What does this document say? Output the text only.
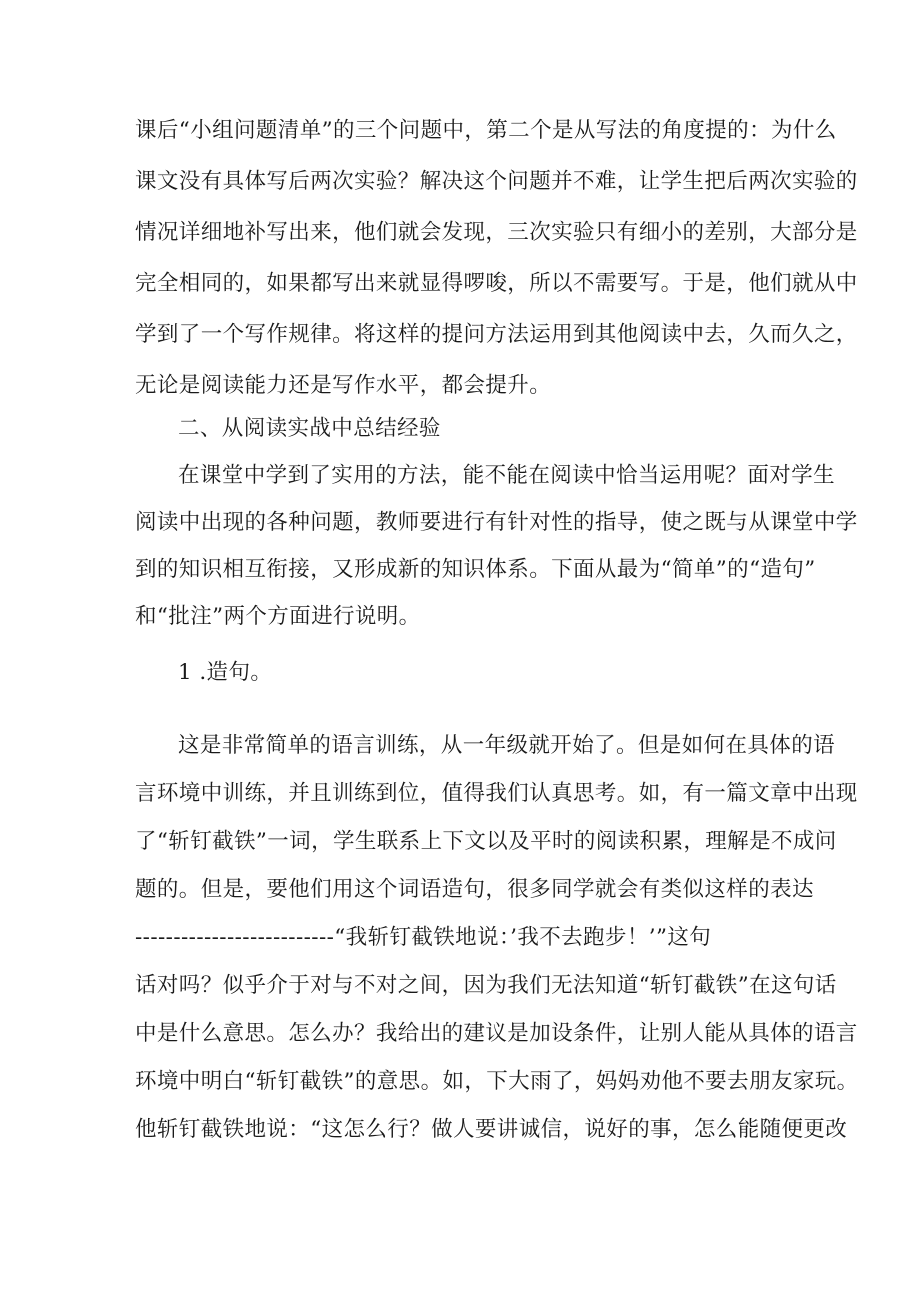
课后“小组问题清单”的三个问题中，第二个是从写法的角度提的：为什么
课文没有具体写后两次实验？解决这个问题并不难，让学生把后两次实验的
情况详细地补写出来，他们就会发现，三次实验只有细小的差别，大部分是
完全相同的，如果都写出来就显得啰唆，所以不需要写。于是，他们就从中
学到了一个写作规律。将这样的提问方法运用到其他阅读中去，久而久之，
无论是阅读能力还是写作水平，都会提升。
二、从阅读实战中总结经验
在课堂中学到了实用的方法，能不能在阅读中恰当运用呢？面对学生
阅读中出现的各种问题，教师要进行有针对性的指导，使之既与从课堂中学
到的知识相互衔接，又形成新的知识体系。下面从最为“简单”的“造句”
和“批注”两个方面进行说明。
1 .造句。
这是非常简单的语言训练，从一年级就开始了。但是如何在具体的语
言环境中训练，并且训练到位，值得我们认真思考。如，有一篇文章中出现
了“斩钉截铁”一词，学生联系上下文以及平时的阅读积累，理解是不成问
题的。但是，要他们用这个词语造句，很多同学就会有类似这样的表达
--------------------------“我斩钉截铁地说：’我不去跑步！’”这句
话对吗？似乎介于对与不对之间，因为我们无法知道“斩钉截铁”在这句话
中是什么意思。怎么办？我给出的建议是加设条件，让别人能从具体的语言
环境中明白“斩钉截铁”的意思。如，下大雨了，妈妈劝他不要去朋友家玩。
他斩钉截铁地说：“这怎么行？做人要讲诚信，说好的事，怎么能随便更改
